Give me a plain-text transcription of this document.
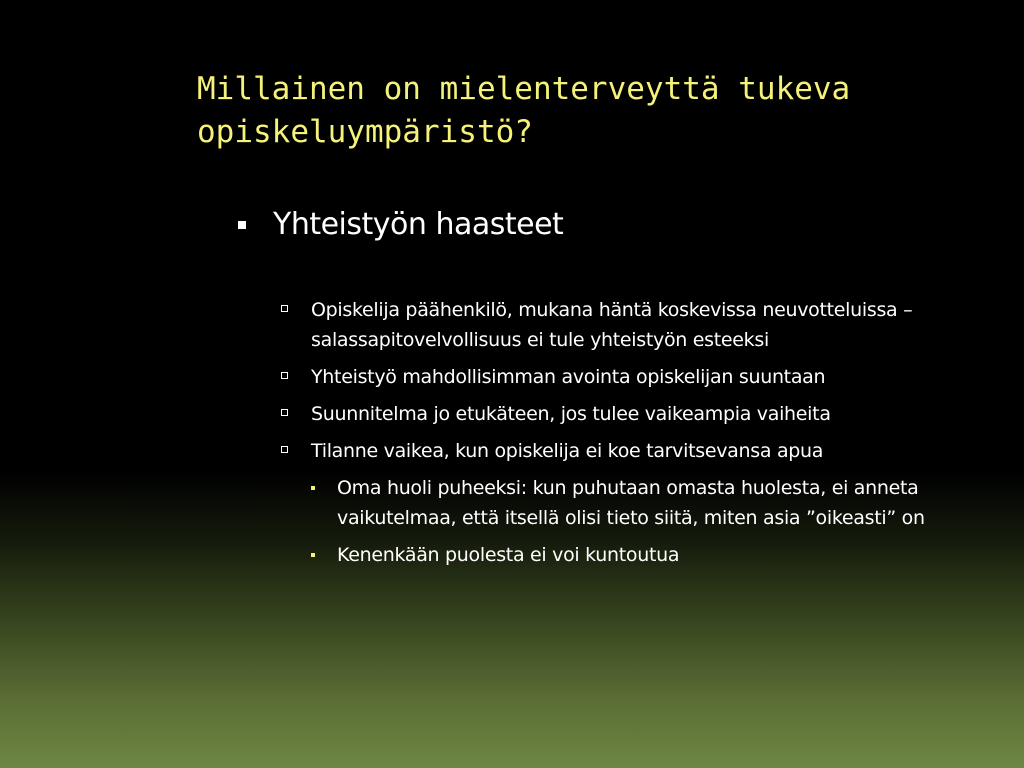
Millainen on mielenterveyttä tukeva opiskeluympäristö?
Yhteistyön haasteet
Opiskelija päähenkilö, mukana häntä koskevissa neuvotteluissa – salassapitovelvollisuus ei tule yhteistyön esteeksi
Yhteistyö mahdollisimman avointa opiskelijan suuntaan
Suunnitelma jo etukäteen, jos tulee vaikeampia vaiheita
Tilanne vaikea, kun opiskelija ei koe tarvitsevansa apua
Oma huoli puheeksi: kun puhutaan omasta huolesta, ei anneta vaikutelmaa, että itsellä olisi tieto siitä, miten asia ”oikeasti” on
Kenenkään puolesta ei voi kuntoutua
